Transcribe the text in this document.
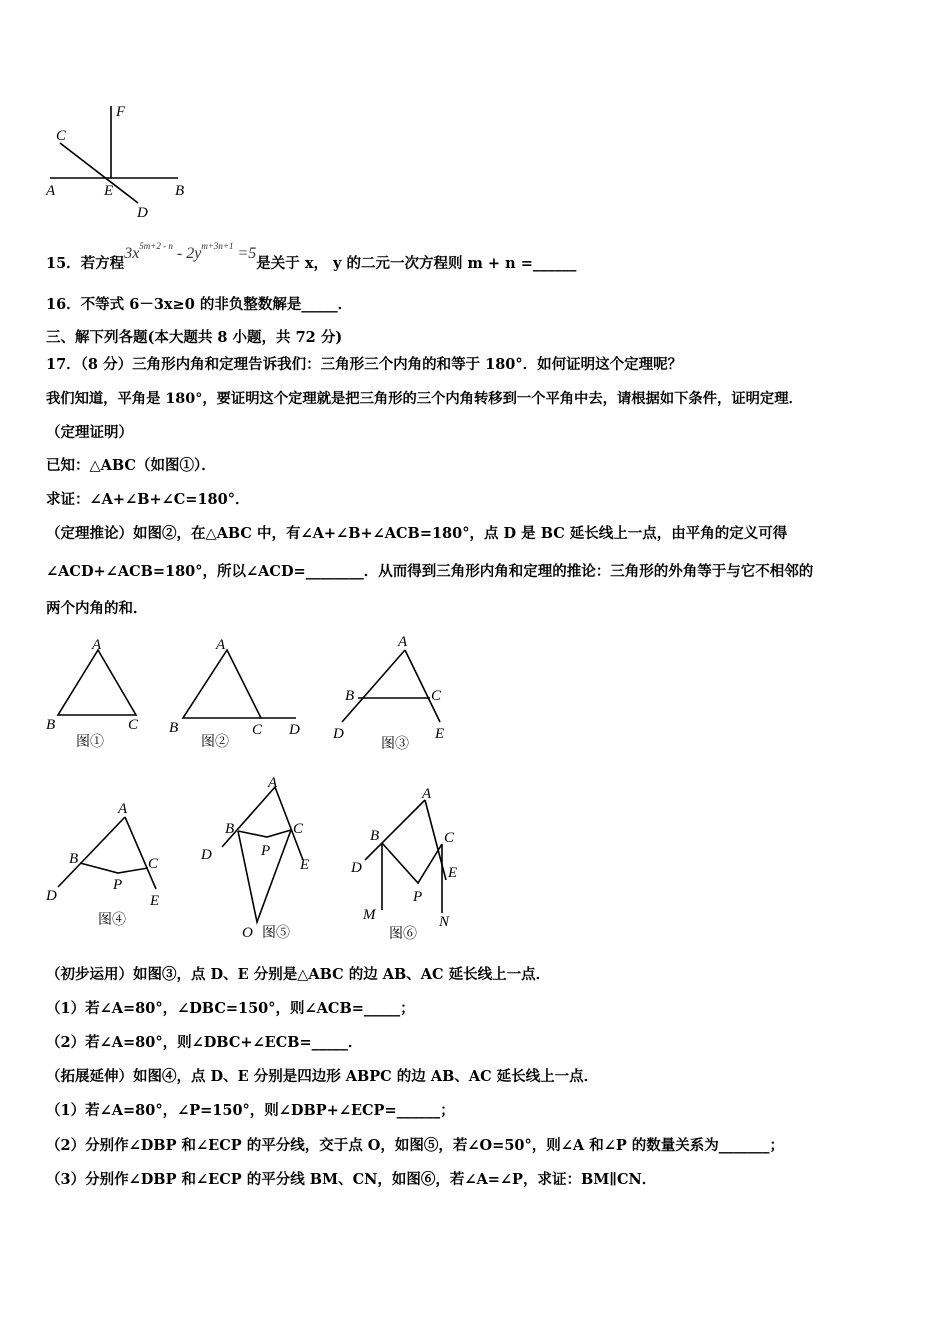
F
C
A	E	B
D
15．若方程$3x^{5m+2 - n} - 2y^{m+3n+1} =5$是关于 x， y 的二元一次方程则 m + n =______
16．不等式 6－3x≥0 的非负整数解是_____．
三、解下列各题(本大题共 8 小题，共 72 分)
17．（8 分）三角形内角和定理告诉我们：三角形三个内角的和等于 180°．如何证明这个定理呢？
我们知道，平角是 180°，要证明这个定理就是把三角形的三个内角转移到一个平角中去，请根据如下条件，证明定理．
（定理证明）
已知：△ABC（如图①）．
求证：∠A+∠B+∠C=180°．
（定理推论）如图②，在△ABC 中，有∠A+∠B+∠ACB=180°，点 D 是 BC 延长线上一点，由平角的定义可得
∠ACD+∠ACB=180°，所以∠ACD=________．从而得到三角形内角和定理的推论：三角形的外角等于与它不相邻的
两个内角的和．
A
B	C
图①
A
B	C D
图②
A
B	C
D	E
图③
A
B	C
P
D	E
图④
A
B	C
P
D
E
O 图⑤
A
B	C
D	E
P
M	N
图⑥
（初步运用）如图③，点 D、E 分别是△ABC 的边 AB、AC 延长线上一点．
（1）若∠A=80°，∠DBC=150°，则∠ACB=_____；
（2）若∠A=80°，则∠DBC+∠ECB=_____．
（拓展延伸）如图④，点 D、E 分别是四边形 ABPC 的边 AB、AC 延长线上一点．
（1）若∠A=80°，∠P=150°，则∠DBP+∠ECP=______；
（2）分别作∠DBP 和∠ECP 的平分线，交于点 O，如图⑤，若∠O=50°，则∠A 和∠P 的数量关系为_______；
（3）分别作∠DBP 和∠ECP 的平分线 BM、CN，如图⑥，若∠A=∠P，求证：BM∥CN．
